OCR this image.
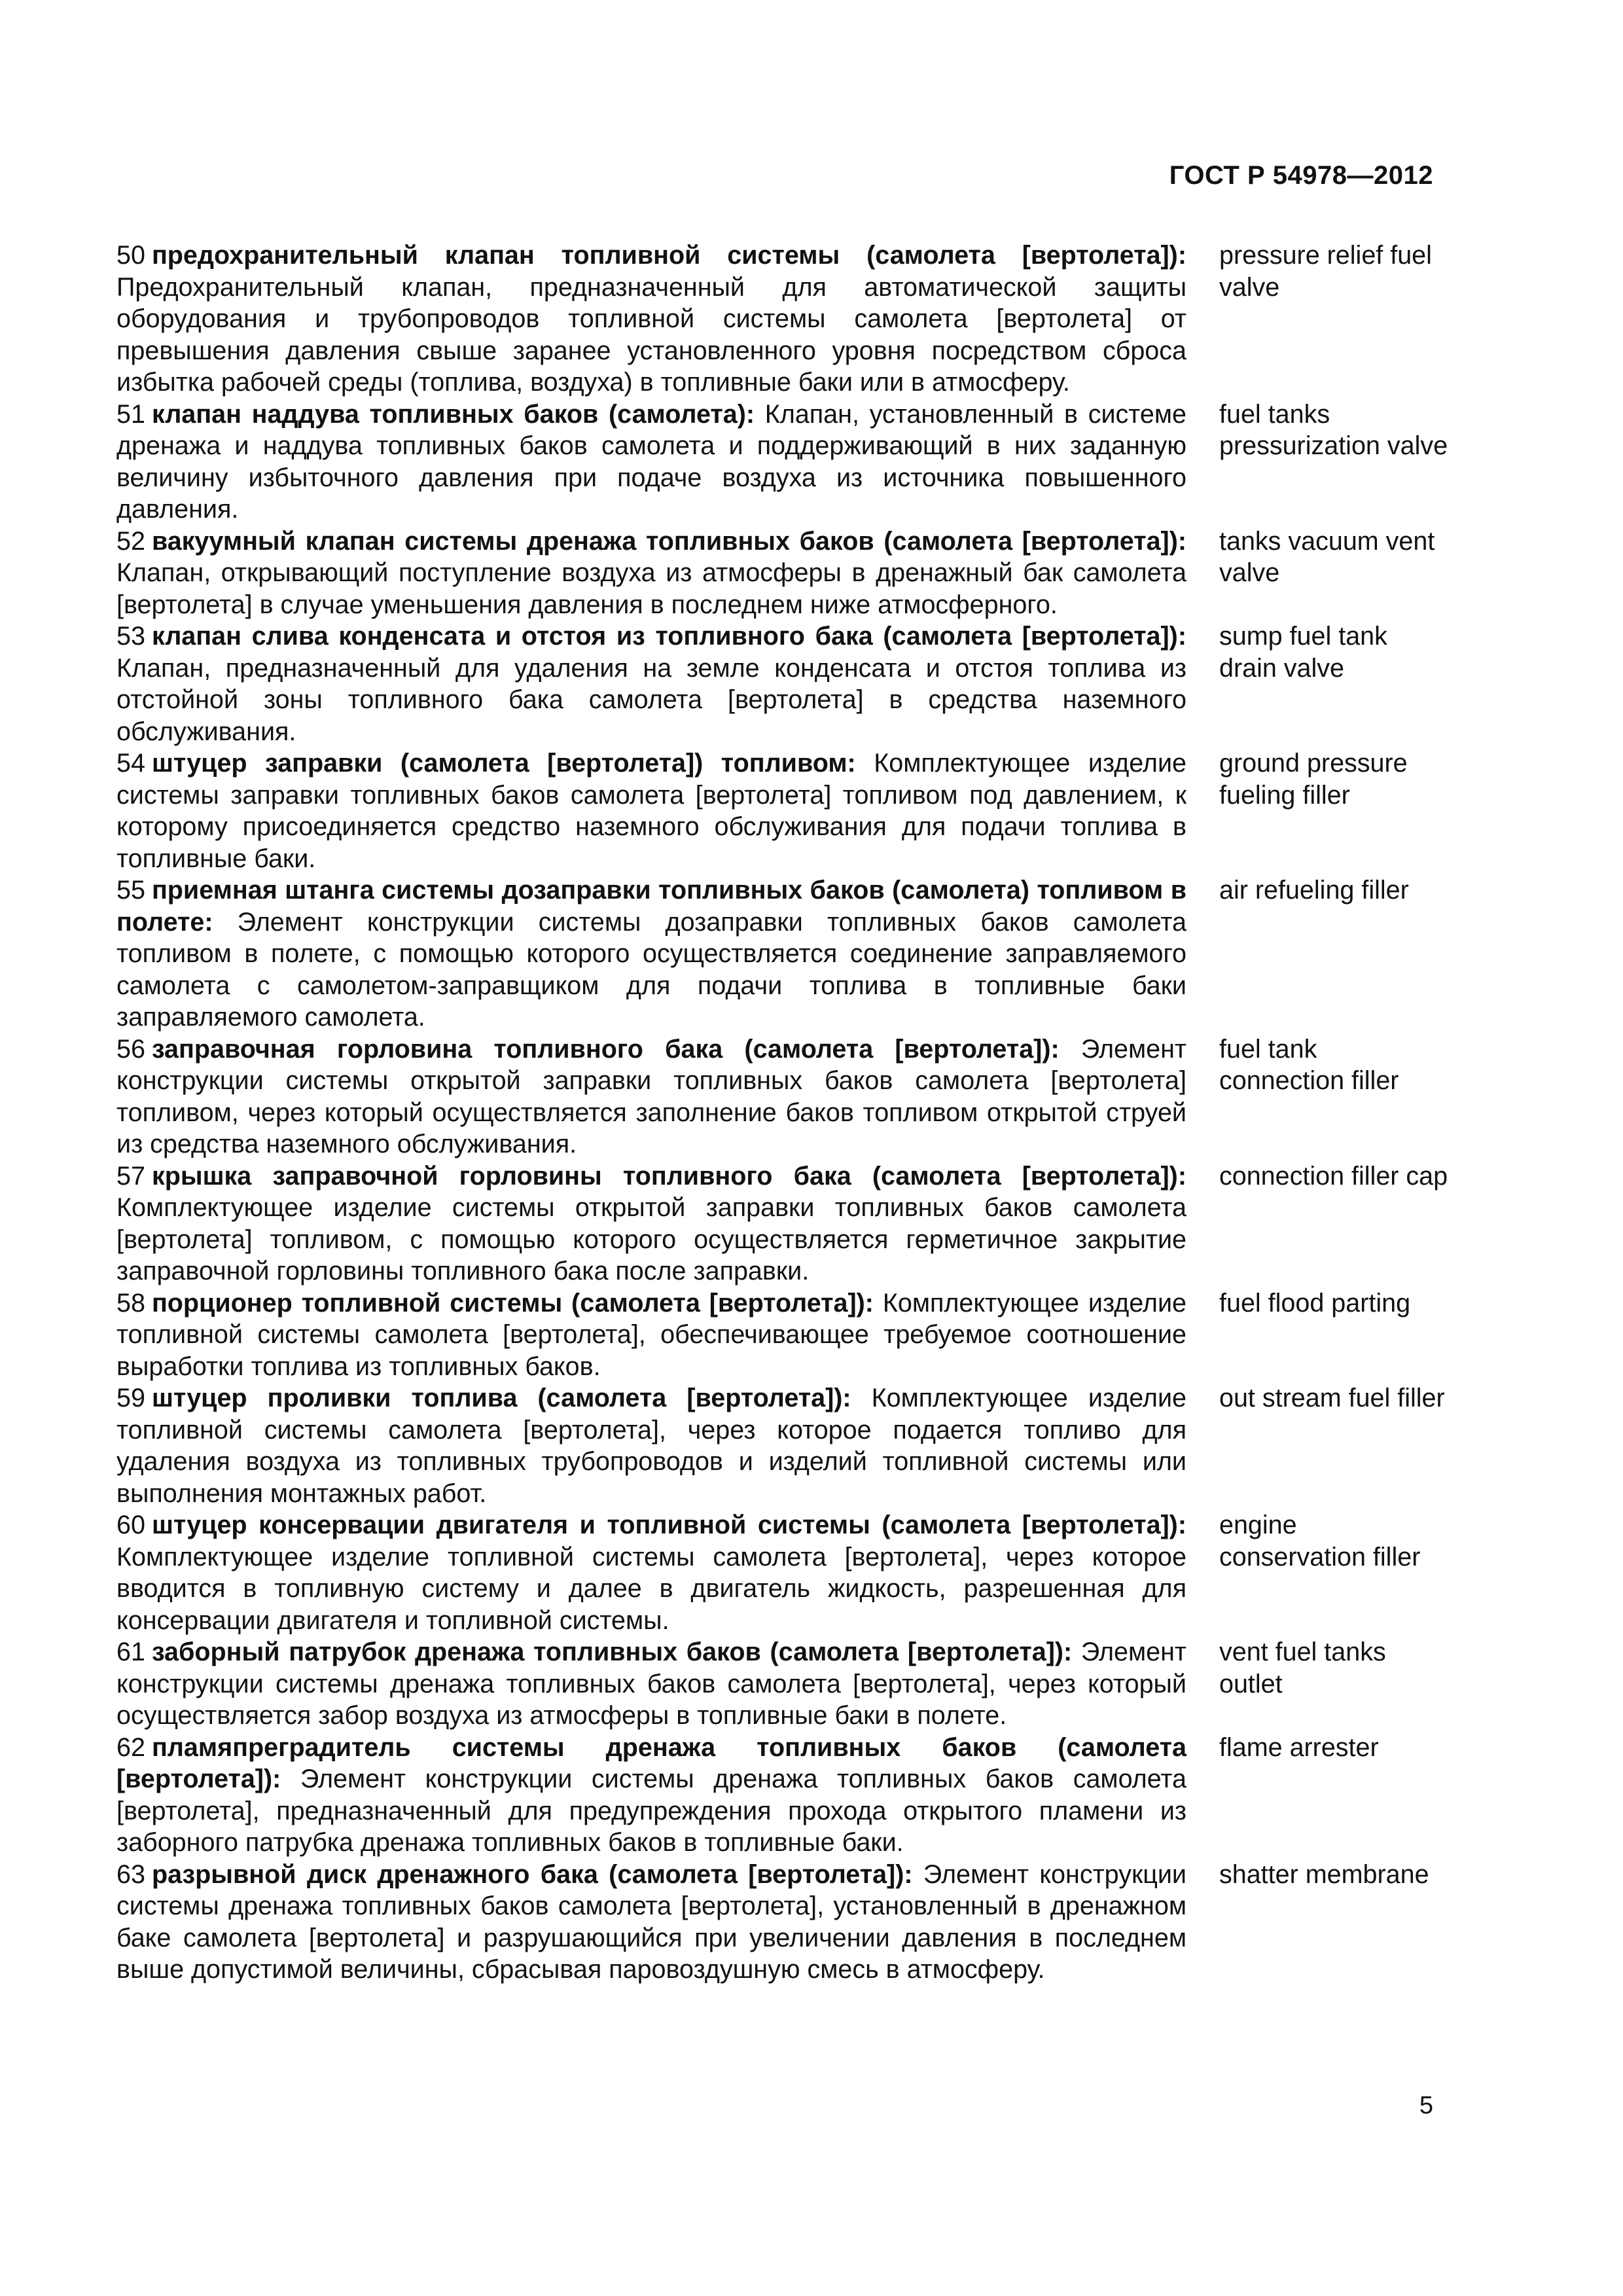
ГОСТ Р 54978—2012

50 предохранительный клапан топливной системы (самолета [вертолета]): Предохранительный клапан, предназначенный для автоматической защиты оборудования и трубопроводов топливной системы самолета [вертолета] от превышения давления свыше заранее установленного уровня посредством сброса избытка рабочей среды (топлива, воздуха) в топливные баки или в атмосферу.

pressure relief fuel valve

51 клапан наддува топливных баков (самолета): Клапан, установленный в системе дренажа и наддува топливных баков самолета и поддерживающий в них заданную величину избыточного давления при подаче воздуха из источника повышенного давления.

fuel tanks pressurization valve

52 вакуумный клапан системы дренажа топливных баков (самолета [вертолета]): Клапан, открывающий поступление воздуха из атмосферы в дренажный бак самолета [вертолета] в случае уменьшения давления в последнем ниже атмосферного.

tanks vacuum vent valve

53 клапан слива конденсата и отстоя из топливного бака (самолета [вертолета]): Клапан, предназначенный для удаления на земле конденсата и отстоя топлива из отстойной зоны топливного бака самолета [вертолета] в средства наземного обслуживания.

sump fuel tank drain valve

54 штуцер заправки (самолета [вертолета]) топливом: Комплектующее изделие системы заправки топливных баков самолета [вертолета] топливом под давлением, к которому присоединяется средство наземного обслуживания для подачи топлива в топливные баки.

ground pressure fueling filler

55 приемная штанга системы дозаправки топливных баков (самолета) топливом в полете: Элемент конструкции системы дозаправки топливных баков самолета топливом в полете, с помощью которого осуществляется соединение заправляемого самолета с самолетом-заправщиком для подачи топлива в топливные баки заправляемого самолета.

air refueling filler

56 заправочная горловина топливного бака (самолета [вертолета]): Элемент конструкции системы открытой заправки топливных баков самолета [вертолета] топливом, через который осуществляется заполнение баков топливом открытой струей из средства наземного обслуживания.

fuel tank connection filler

57 крышка заправочной горловины топливного бака (самолета [вертолета]): Комплектующее изделие системы открытой заправки топливных баков самолета [вертолета] топливом, с помощью которого осуществляется герметичное закрытие заправочной горловины топливного бака после заправки.

connection filler cap

58 порционер топливной системы (самолета [вертолета]): Комплектующее изделие топливной системы самолета [вертолета], обеспечивающее требуемое соотношение выработки топлива из топливных баков.

fuel flood parting

59 штуцер проливки топлива (самолета [вертолета]): Комплектующее изделие топливной системы самолета [вертолета], через которое подается топливо для удаления воздуха из топливных трубопроводов и изделий топливной системы или выполнения монтажных работ.

out stream fuel filler

60 штуцер консервации двигателя и топливной системы (самолета [вертолета]): Комплектующее изделие топливной системы самолета [вертолета], через которое вводится в топливную систему и далее в двигатель жидкость, разрешенная для консервации двигателя и топливной системы.

engine conservation filler

61 заборный патрубок дренажа топливных баков (самолета [вертолета]): Элемент конструкции системы дренажа топливных баков самолета [вертолета], через который осуществляется забор воздуха из атмосферы в топливные баки в полете.

vent fuel tanks outlet

62 пламяпреградитель системы дренажа топливных баков (самолета [вертолета]): Элемент конструкции системы дренажа топливных баков самолета [вертолета], предназначенный для предупреждения прохода открытого пламени из заборного патрубка дренажа топливных баков в топливные баки.

flame arrester

63 разрывной диск дренажного бака (самолета [вертолета]): Элемент конструкции системы дренажа топливных баков самолета [вертолета], установленный в дренажном баке самолета [вертолета] и разрушающийся при увеличении давления в последнем выше допустимой величины, сбрасывая паровоздушную смесь в атмосферу.

shatter membrane

5
